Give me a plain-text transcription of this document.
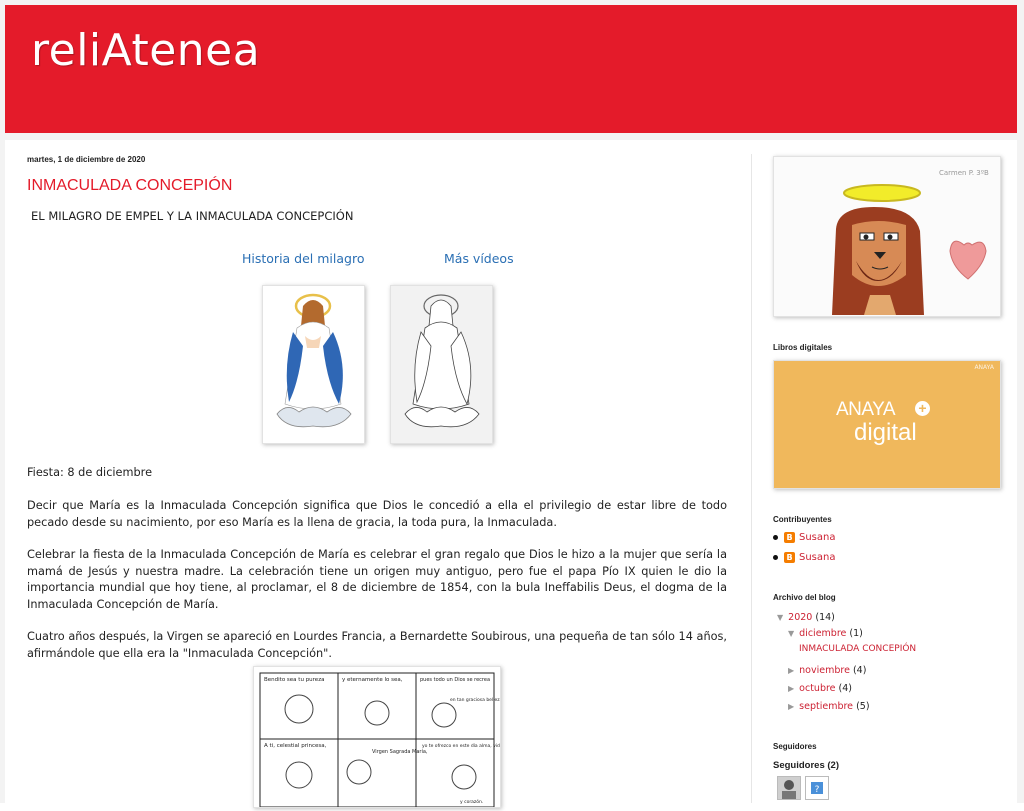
reliAtenea
martes, 1 de diciembre de 2020
INMACULADA CONCEPIÓN
EL MILAGRO DE EMPEL Y LA INMACULADA CONCEPCIÓN
Historia del milagro	Más vídeos

Fiesta: 8 de diciembre

Decir que María es la Inmaculada Concepción significa que Dios le concedió a ella el privilegio de estar libre de todo pecado desde su nacimiento, por eso María es la llena de gracia, la toda pura, la Inmaculada.

Celebrar la fiesta de la Inmaculada Concepción de María es celebrar el gran regalo que Dios le hizo a la mujer que sería la mamá de Jesús y nuestra madre. La celebración tiene un origen muy antiguo, pero fue el papa Pío IX quien le dio la importancia mundial que hoy tiene, al proclamar, el 8 de diciembre de 1854, con la bula Ineffabilis Deus, el dogma de la Inmaculada Concepción de María.

Cuatro años después, la Virgen se apareció en Lourdes Francia, a Bernardette Soubirous, una pequeña de tan sólo 14 años, afirmándole que ella era la "Inmaculada Concepción".

Bendito sea tu pureza	y eternamente lo sea,	pues todo un Dios se recrea
en tan graciosa belleza
A ti, celestial princesa,
Virgen Sagrada María,
yo te ofrezco en este día alma, vida
y corazón.
Carmen P. 3ºB
Libros digitales
ANAYA
ANAYA +
digital
Contribuyentes
B Susana
B Susana
Archivo del blog
▼ 2020 (14)
▼ diciembre (1)
INMACULADA CONCEPIÓN
▶ noviembre (4)
▶ octubre (4)
▶ septiembre (5)
Seguidores
Seguidores (2)
?
